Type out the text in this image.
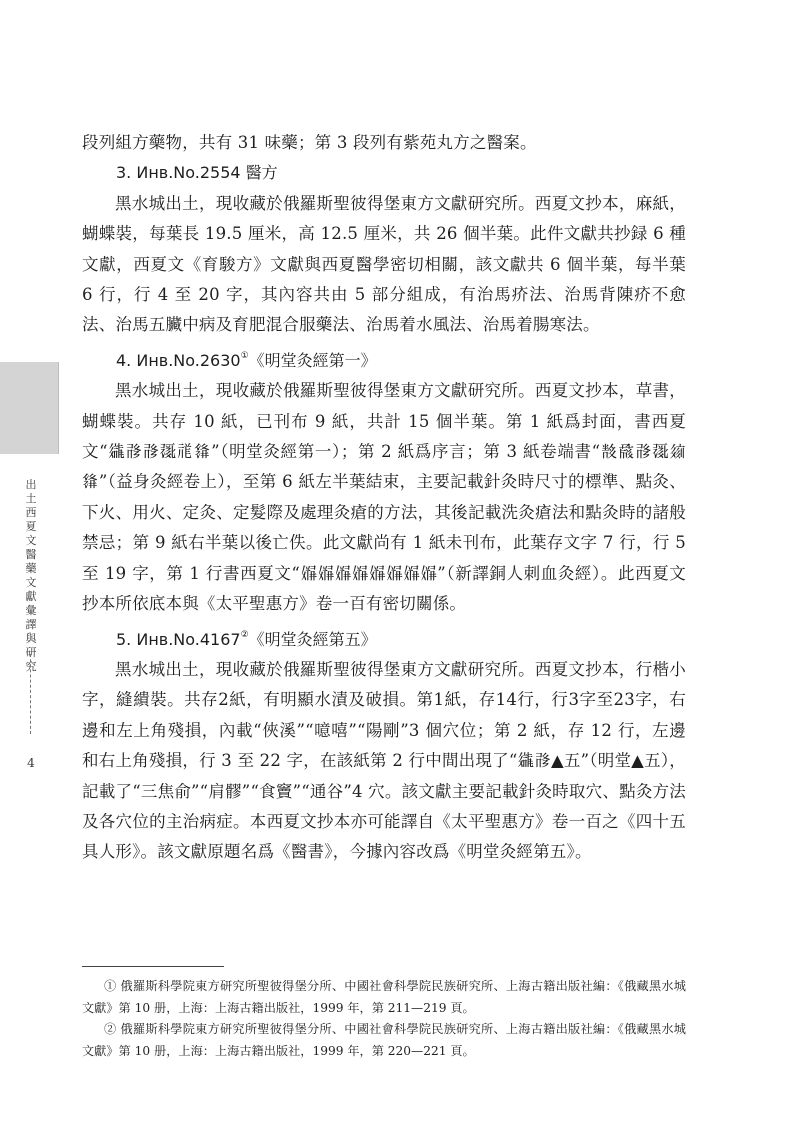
出
土
西
夏
文
醫
藥
文
獻
彙
譯
與
研
究
4

段列組方藥物，共有 31 味藥；第 3 段列有紫苑丸方之醫案。

3. Инв.No.2554 醫方

黑水城出土，現收藏於俄羅斯聖彼得堡東方文獻研究所。西夏文抄本，麻紙，蝴蝶裝，每葉長 19.5 厘米，高 12.5 厘米，共 26 個半葉。此件文獻共抄録 6 種文獻，西夏文《育駿方》文獻與西夏醫學密切相關，該文獻共 6 個半葉，每半葉 6 行，行 4 至 20 字，其內容共由 5 部分組成，有治馬疥法、治馬背陳疥不愈法、治馬五臟中病及育肥混合服藥法、治馬着水風法、治馬着腸寒法。

4. Инв.No.2630①《明堂灸經第一》

黑水城出土，現收藏於俄羅斯聖彼得堡東方文獻研究所。西夏文抄本，草書，蝴蝶裝。共存 10 紙，已刊布 9 紙，共計 15 個半葉。第 1 紙爲封面，書西夏文“𗪘𗰔𗰔𗖰𗙏𗌭”（明堂灸經第一）；第 2 紙爲序言；第 3 紙卷端書“𘕕𗱽𗰔𗖰𗦻𗌭”（益身灸經卷上），至第 6 紙左半葉結束，主要記載針灸時尺寸的標準、點灸、下火、用火、定灸、定髮際及處理灸瘡的方法，其後記載洗灸瘡法和點灸時的諸般禁忌；第 9 紙右半葉以後亡佚。此文獻尚有 1 紙未刊布，此葉存文字 7 行，行 5 至 19 字，第 1 行書西夏文“𗏵𗏵𗏵𗏵𗏵𗏵𗏵𗏵”（新譯銅人刺血灸經）。此西夏文抄本所依底本與《太平聖惠方》卷一百有密切關係。

5. Инв.No.4167②《明堂灸經第五》

黑水城出土，現收藏於俄羅斯聖彼得堡東方文獻研究所。西夏文抄本，行楷小字，縫繢裝。共存2紙，有明顯水漬及破損。第1紙，存14行，行3字至23字，右邊和左上角殘損，內載“俠溪”“噫嘻”“陽剛”3 個穴位；第 2 紙，存 12 行，左邊和右上角殘損，行 3 至 22 字，在該紙第 2 行中間出現了“𗪘𗰔▲五”（明堂▲五），記載了“三焦俞”“肩髎”“食竇”“通谷”4 穴。該文獻主要記載針灸時取穴、點灸方法及各穴位的主治病症。本西夏文抄本亦可能譯自《太平聖惠方》卷一百之《四十五具人形》。該文獻原題名爲《醫書》，今據內容改爲《明堂灸經第五》。

① 俄羅斯科學院東方研究所聖彼得堡分所、中國社會科學院民族研究所、上海古籍出版社編：《俄藏黑水城文獻》第 10 册，上海：上海古籍出版社，1999 年，第 211—219 頁。

② 俄羅斯科學院東方研究所聖彼得堡分所、中國社會科學院民族研究所、上海古籍出版社編：《俄藏黑水城文獻》第 10 册，上海：上海古籍出版社，1999 年，第 220—221 頁。
